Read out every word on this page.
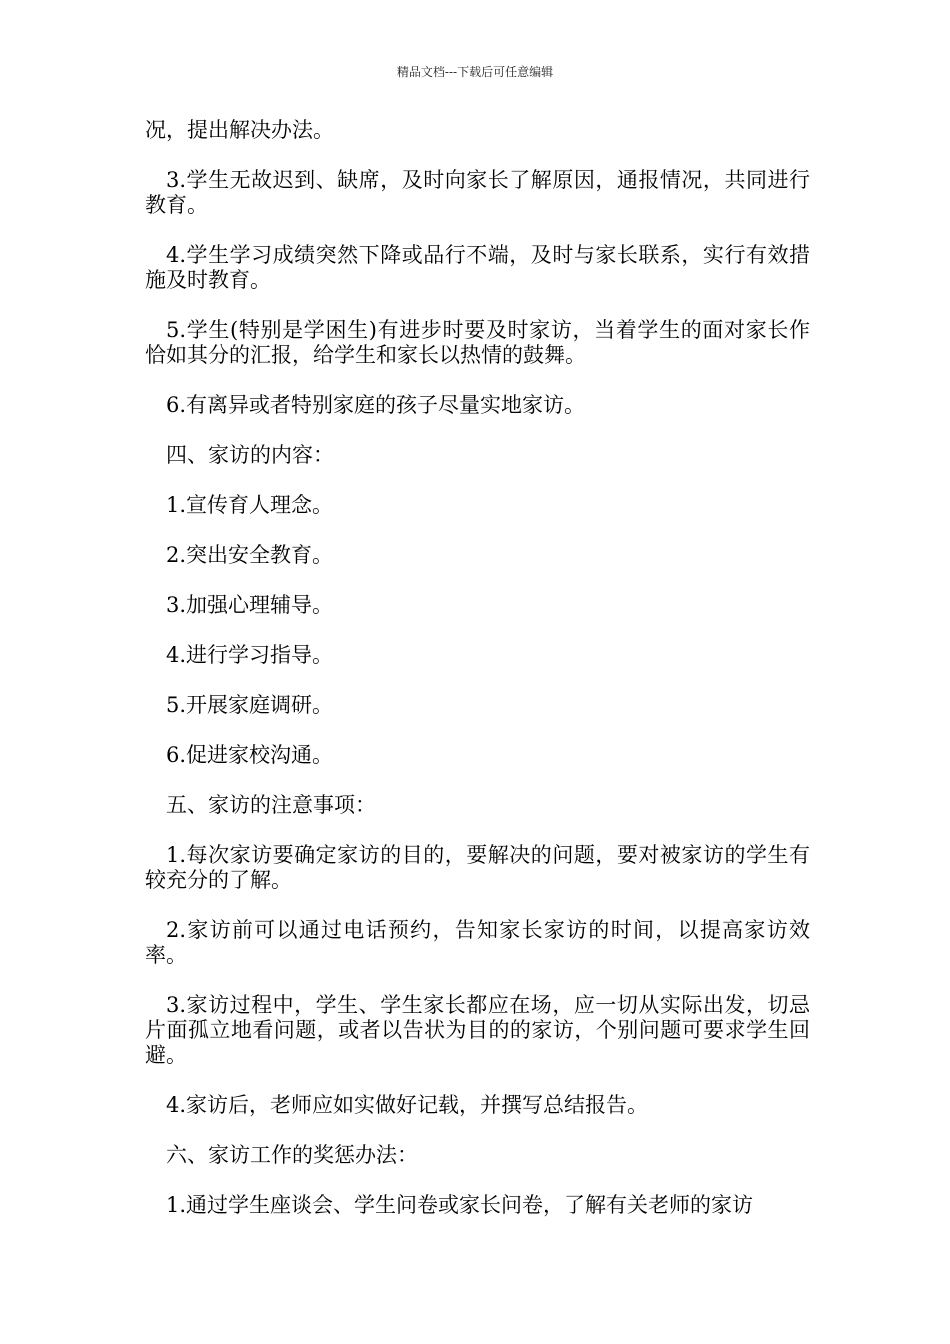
精品文档---下载后可任意编辑

况，提出解决办法。

3.学生无故迟到、缺席，及时向家长了解原因，通报情况，共同进行教育。

4.学生学习成绩突然下降或品行不端，及时与家长联系，实行有效措施及时教育。

5.学生(特别是学困生)有进步时要及时家访，当着学生的面对家长作恰如其分的汇报，给学生和家长以热情的鼓舞。

6.有离异或者特别家庭的孩子尽量实地家访。

四、家访的内容：

1.宣传育人理念。

2.突出安全教育。

3.加强心理辅导。

4.进行学习指导。

5.开展家庭调研。

6.促进家校沟通。

五、家访的注意事项：

1.每次家访要确定家访的目的，要解决的问题，要对被家访的学生有较充分的了解。

2.家访前可以通过电话预约，告知家长家访的时间，以提高家访效率。

3.家访过程中，学生、学生家长都应在场，应一切从实际出发，切忌片面孤立地看问题，或者以告状为目的的家访，个别问题可要求学生回避。

4.家访后，老师应如实做好记载，并撰写总结报告。

六、家访工作的奖惩办法：

1.通过学生座谈会、学生问卷或家长问卷，了解有关老师的家访
